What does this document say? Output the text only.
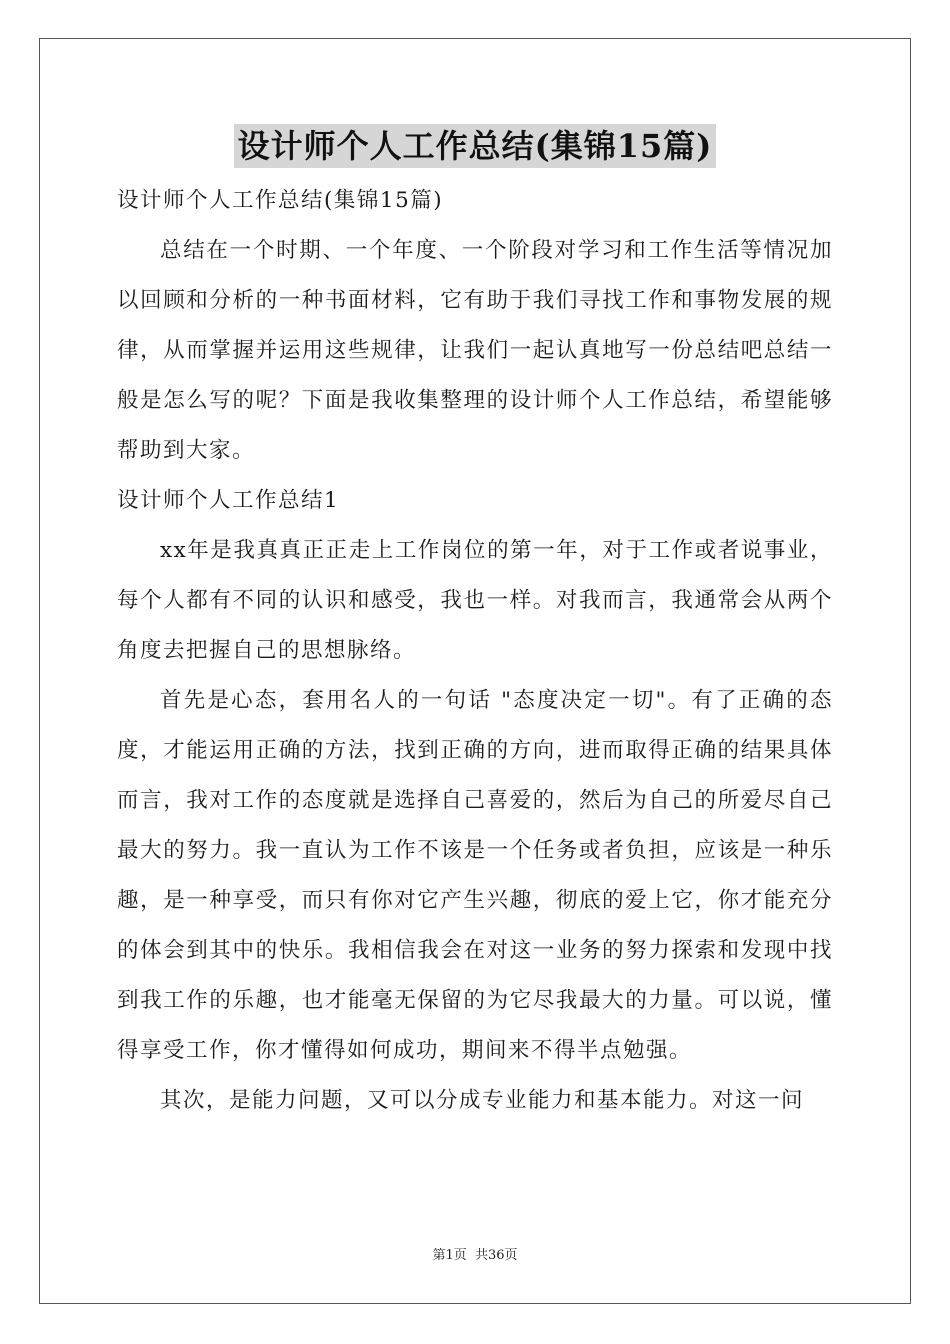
设计师个人工作总结(集锦15篇)

设计师个人工作总结(集锦15篇)

总结在一个时期、一个年度、一个阶段对学习和工作生活等情况加以回顾和分析的一种书面材料，它有助于我们寻找工作和事物发展的规律，从而掌握并运用这些规律，让我们一起认真地写一份总结吧总结一般是怎么写的呢？下面是我收集整理的设计师个人工作总结，希望能够帮助到大家。

设计师个人工作总结1

xx年是我真真正正走上工作岗位的第一年，对于工作或者说事业，每个人都有不同的认识和感受，我也一样。对我而言，我通常会从两个角度去把握自己的思想脉络。

首先是心态，套用名人的一句话 "态度决定一切"。有了正确的态度，才能运用正确的方法，找到正确的方向，进而取得正确的结果具体而言，我对工作的态度就是选择自己喜爱的，然后为自己的所爱尽自己最大的努力。我一直认为工作不该是一个任务或者负担，应该是一种乐趣，是一种享受，而只有你对它产生兴趣，彻底的爱上它，你才能充分的体会到其中的快乐。我相信我会在对这一业务的努力探索和发现中找到我工作的乐趣，也才能毫无保留的为它尽我最大的力量。可以说，懂得享受工作，你才懂得如何成功，期间来不得半点勉强。

其次，是能力问题，又可以分成专业能力和基本能力。对这一问

第1页 共36页
